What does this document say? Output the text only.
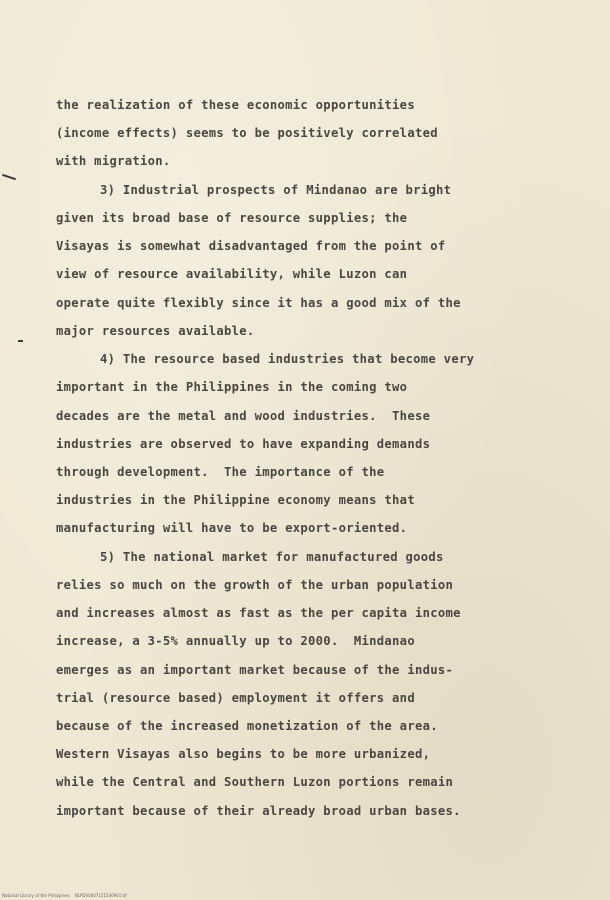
the realization of these economic opportunities
(income effects) seems to be positively correlated
with migration.
3) Industrial prospects of Mindanao are bright
given its broad base of resource supplies; the
Visayas is somewhat disadvantaged from the point of
view of resource availability, while Luzon can
operate quite flexibly since it has a good mix of the
major resources available.
4) The resource based industries that become very
important in the Philippines in the coming two
decades are the metal and wood industries.  These
industries are observed to have expanding demands
through development.  The importance of the
industries in the Philippine economy means that
manufacturing will have to be export-oriented.
5) The national market for manufactured goods
relies so much on the growth of the urban population
and increases almost as fast as the per capita income
increase, a 3-5% annually up to 2000.  Mindanao
emerges as an important market because of the indus-
trial (resource based) employment it offers and
because of the increased monetization of the area.
Western Visayas also begins to be more urbanized,
while the Central and Southern Luzon portions remain
important because of their already broad urban bases.
National Library of the Philippines    NLPDV0007151536901.tif
